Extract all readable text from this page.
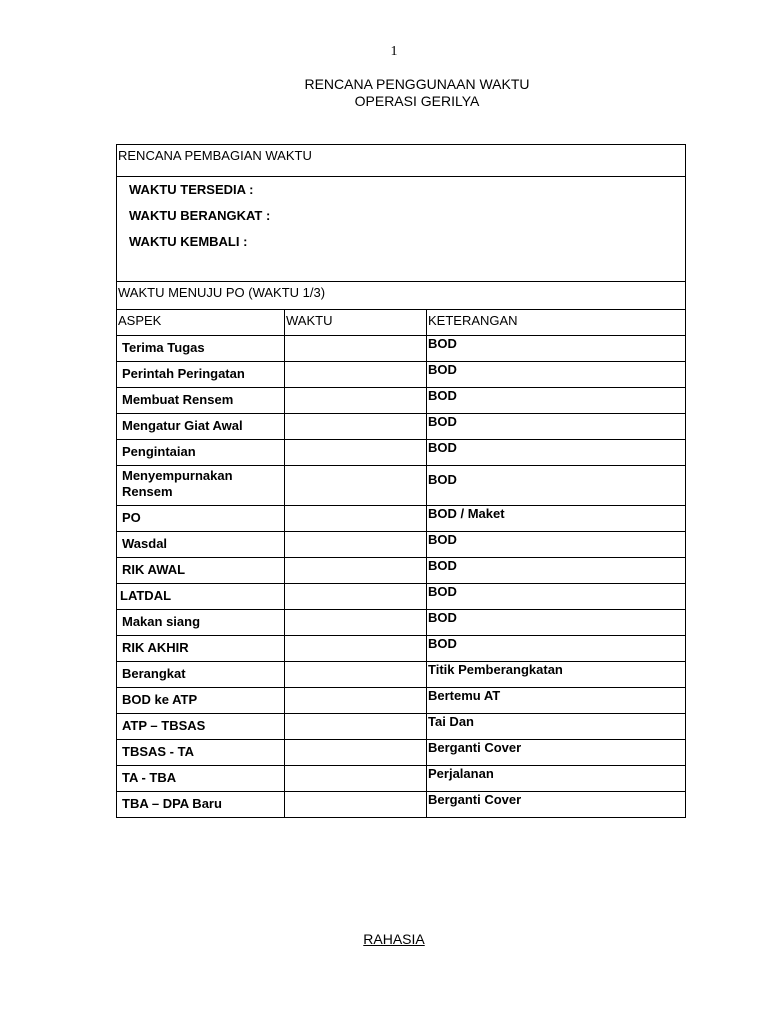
1
RENCANA PENGGUNAAN WAKTU
OPERASI GERILYA
RENCANA PEMBAGIAN WAKTU		

WAKTU TERSEDIA :
WAKTU BERANGKAT :
WAKTU KEMBALI :		

WAKTU MENUJU PO (WAKTU 1/3)		

ASPEK	WAKTU	KETERANGAN

Terima Tugas		BOD

Perintah Peringatan		BOD

Membuat Rensem		BOD

Mengatur Giat Awal		BOD

Pengintaian		BOD

Menyempurnakan Rensem		BOD

PO		BOD / Maket

Wasdal		BOD

RIK AWAL		BOD

LATDAL		BOD

Makan siang		BOD

RIK AKHIR		BOD

Berangkat		Titik Pemberangkatan

BOD ke ATP		Bertemu AT

ATP – TBSAS		Tai Dan

TBSAS - TA		Berganti Cover

TA - TBA		Perjalanan

TBA – DPA Baru		Berganti Cover
RAHASIA
